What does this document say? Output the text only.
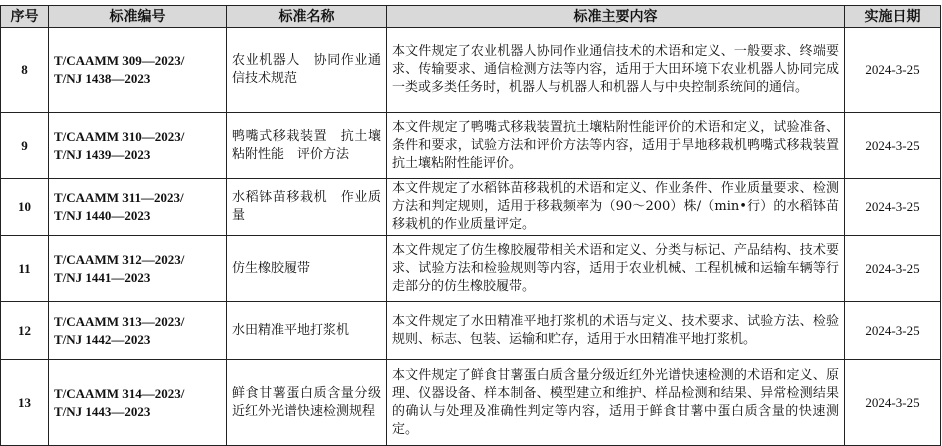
序号	标准编号	标准名称	标准主要内容	实施日期
8	T/CAAMM 309—2023/
T/NJ 1438—2023	农业机器人　协同作业通信技术规范	本文件规定了农业机器人协同作业通信技术的术语和定义、一般要求、终端要求、传输要求、通信检测方法等内容，适用于大田环境下农业机器人协同完成一类或多类任务时，机器人与机器人和机器人与中央控制系统间的通信。	2024-3-25
9	T/CAAMM 310—2023/
T/NJ 1439—2023	鸭嘴式移栽装置　抗土壤粘附性能　评价方法	本文件规定了鸭嘴式移栽装置抗土壤粘附性能评价的术语和定义，试验准备、条件和要求，试验方法和评价方法等内容，适用于旱地移栽机鸭嘴式移栽装置抗土壤粘附性能评价。	2024-3-25
10	T/CAAMM 311—2023/
T/NJ 1440—2023	水稻钵苗移栽机　作业质量	本文件规定了水稻钵苗移栽机的术语和定义、作业条件、作业质量要求、检测方法和判定规则，适用于移栽频率为（90～200）株/（min•行）的水稻钵苗移栽机的作业质量评定。	2024-3-25
11	T/CAAMM 312—2023/
T/NJ 1441—2023	仿生橡胶履带	本文件规定了仿生橡胶履带相关术语和定义、分类与标记、产品结构、技术要求、试验方法和检验规则等内容，适用于农业机械、工程机械和运输车辆等行走部分的仿生橡胶履带。	2024-3-25
12	T/CAAMM 313—2023/
T/NJ 1442—2023	水田精准平地打浆机	本文件规定了水田精准平地打浆机的术语与定义、技术要求、试验方法、检验规则、标志、包装、运输和贮存，适用于水田精准平地打浆机。	2024-3-25
13	T/CAAMM 314—2023/
T/NJ 1443—2023	鲜食甘薯蛋白质含量分级近红外光谱快速检测规程	本文件规定了鲜食甘薯蛋白质含量分级近红外光谱快速检测的术语和定义、原理、仪器设备、样本制备、模型建立和维护、样品检测和结果、异常检测结果的确认与处理及准确性判定等内容，适用于鲜食甘薯中蛋白质含量的快速测定。	2024-3-25
